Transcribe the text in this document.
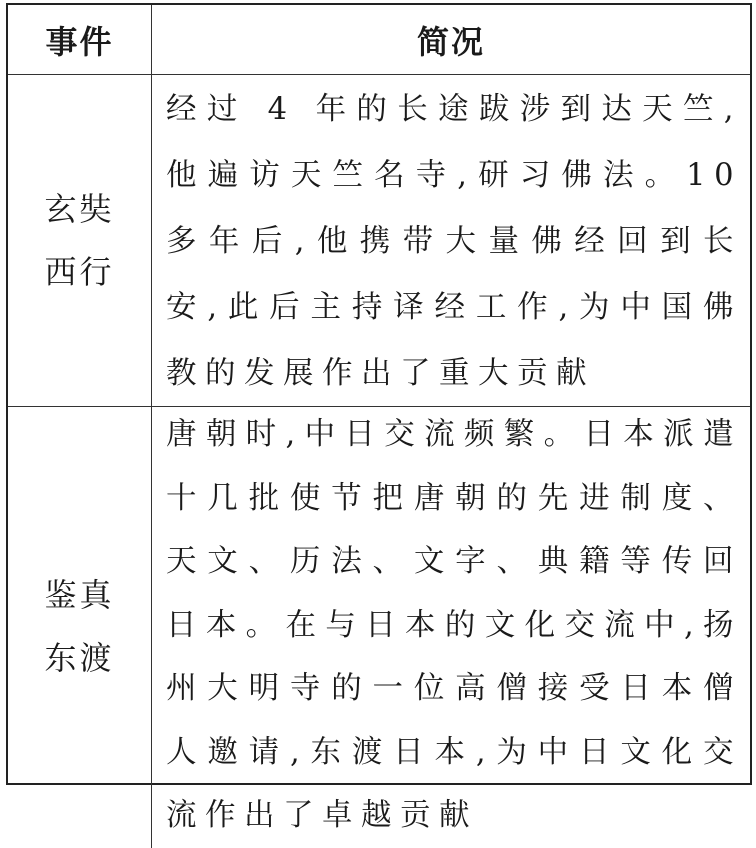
事件	简况
玄奘西行
经过 4 年的长途跋涉到达天竺,他遍访天竺名寺,研习佛法。10 多年后,他携带大量佛经回到长安,此后主持译经工作,为中国佛教的发展作出了重大贡献
鉴真东渡
唐朝时,中日交流频繁。日本派遣十几批使节把唐朝的先进制度、天文、历法、文字、典籍等传回日本。在与日本的文化交流中,扬州大明寺的一位高僧接受日本僧人邀请,东渡日本,为中日文化交流作出了卓越贡献
